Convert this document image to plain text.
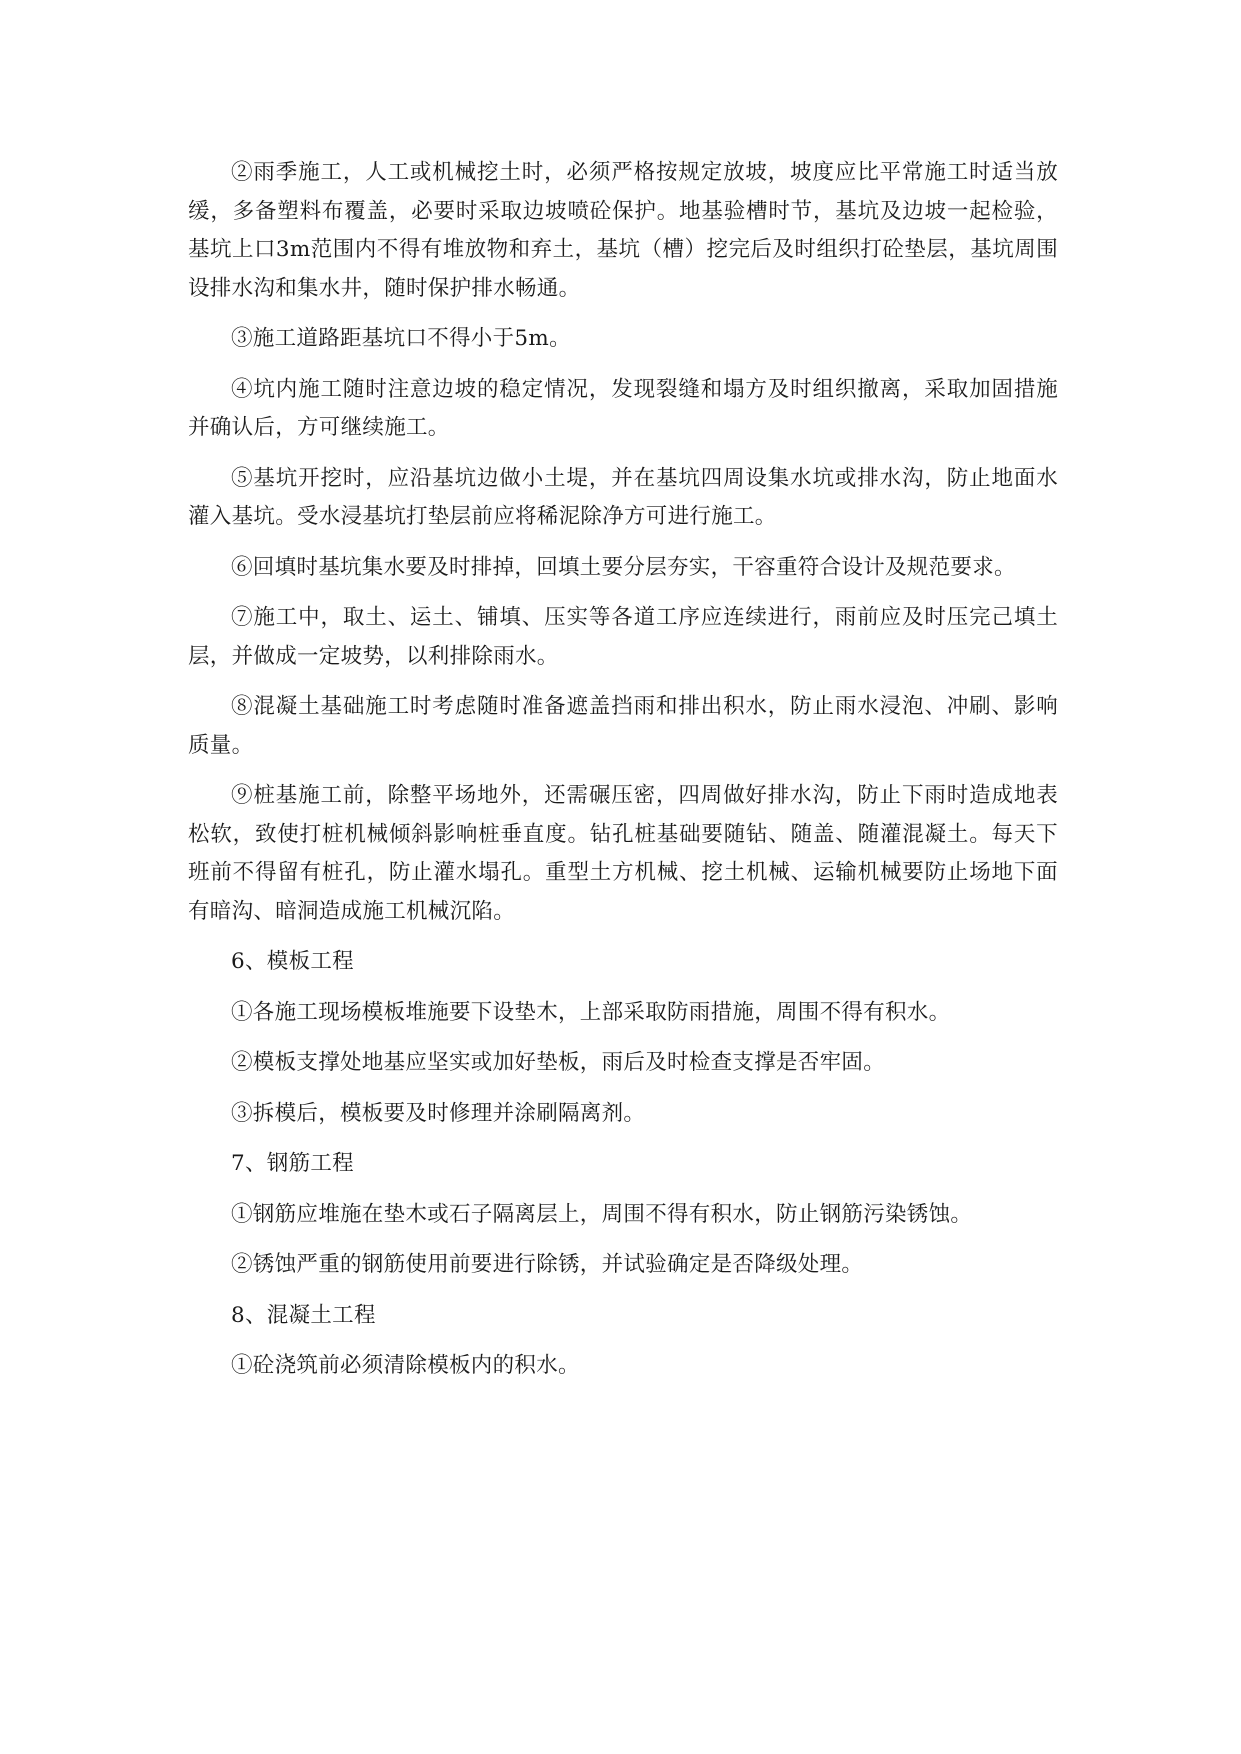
②雨季施工，人工或机械挖土时，必须严格按规定放坡，坡度应比平常施工时适当放缓，多备塑料布覆盖，必要时采取边坡喷砼保护。地基验槽时节，基坑及边坡一起检验，基坑上口3m范围内不得有堆放物和弃土，基坑（槽）挖完后及时组织打砼垫层，基坑周围设排水沟和集水井，随时保护排水畅通。

③施工道路距基坑口不得小于5m。

④坑内施工随时注意边坡的稳定情况，发现裂缝和塌方及时组织撤离，采取加固措施并确认后，方可继续施工。

⑤基坑开挖时，应沿基坑边做小土堤，并在基坑四周设集水坑或排水沟，防止地面水灌入基坑。受水浸基坑打垫层前应将稀泥除净方可进行施工。

⑥回填时基坑集水要及时排掉，回填土要分层夯实，干容重符合设计及规范要求。

⑦施工中，取土、运土、铺填、压实等各道工序应连续进行，雨前应及时压完己填土层，并做成一定坡势，以利排除雨水。

⑧混凝土基础施工时考虑随时准备遮盖挡雨和排出积水，防止雨水浸泡、冲刷、影响质量。

⑨桩基施工前，除整平场地外，还需碾压密，四周做好排水沟，防止下雨时造成地表松软，致使打桩机械倾斜影响桩垂直度。钻孔桩基础要随钻、随盖、随灌混凝土。每天下班前不得留有桩孔，防止灌水塌孔。重型土方机械、挖土机械、运输机械要防止场地下面有暗沟、暗洞造成施工机械沉陷。

6、模板工程

①各施工现场模板堆施要下设垫木，上部采取防雨措施，周围不得有积水。

②模板支撑处地基应坚实或加好垫板，雨后及时检查支撑是否牢固。

③拆模后，模板要及时修理并涂刷隔离剂。

7、钢筋工程

①钢筋应堆施在垫木或石子隔离层上，周围不得有积水，防止钢筋污染锈蚀。

②锈蚀严重的钢筋使用前要进行除锈，并试验确定是否降级处理。

8、混凝土工程

①砼浇筑前必须清除模板内的积水。
